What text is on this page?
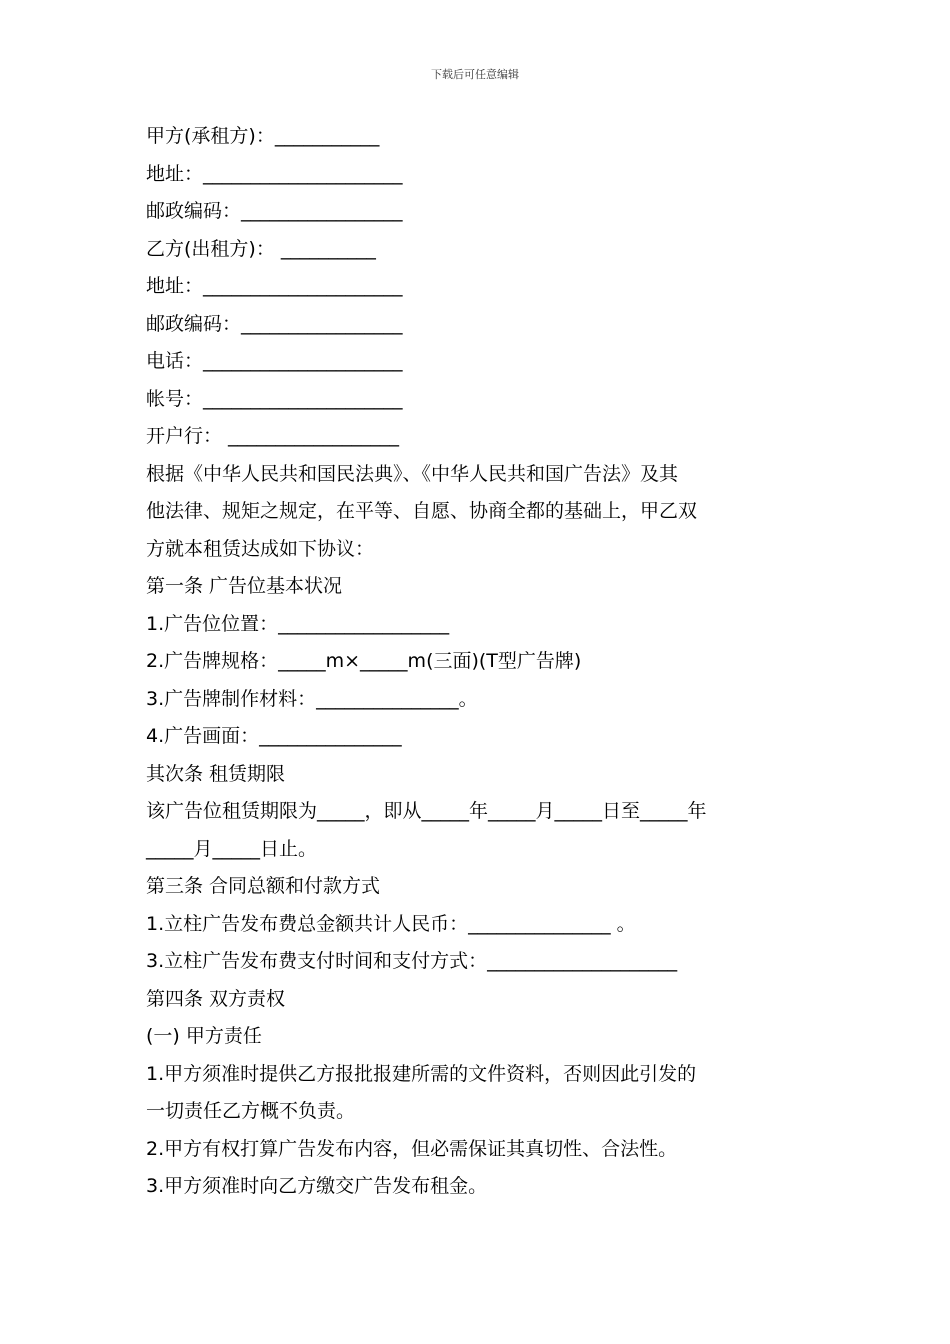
下载后可任意编辑
甲方(承租方)：___________
地址：_____________________
邮政编码：_________________
乙方(出租方)： __________
地址：_____________________
邮政编码：_________________
电话：_____________________
帐号：_____________________
开户行： __________________
根据《中华人民共和国民法典》、《中华人民共和国广告法》及其
他法律、规矩之规定，在平等、自愿、协商全都的基础上，甲乙双
方就本租赁达成如下协议：
第一条 广告位基本状况
1.广告位位置：__________________
2.广告牌规格：_____m×_____m(三面)(T型广告牌)
3.广告牌制作材料：_______________。
4.广告画面：_______________
其次条 租赁期限
该广告位租赁期限为_____，即从_____年_____月_____日至_____年
_____月_____日止。
第三条 合同总额和付款方式
1.立柱广告发布费总金额共计人民币：_______________ 。
3.立柱广告发布费支付时间和支付方式：____________________
第四条 双方责权
(一) 甲方责任
1.甲方须准时提供乙方报批报建所需的文件资料，否则因此引发的
一切责任乙方概不负责。
2.甲方有权打算广告发布内容，但必需保证其真切性、合法性。
3.甲方须准时向乙方缴交广告发布租金。
